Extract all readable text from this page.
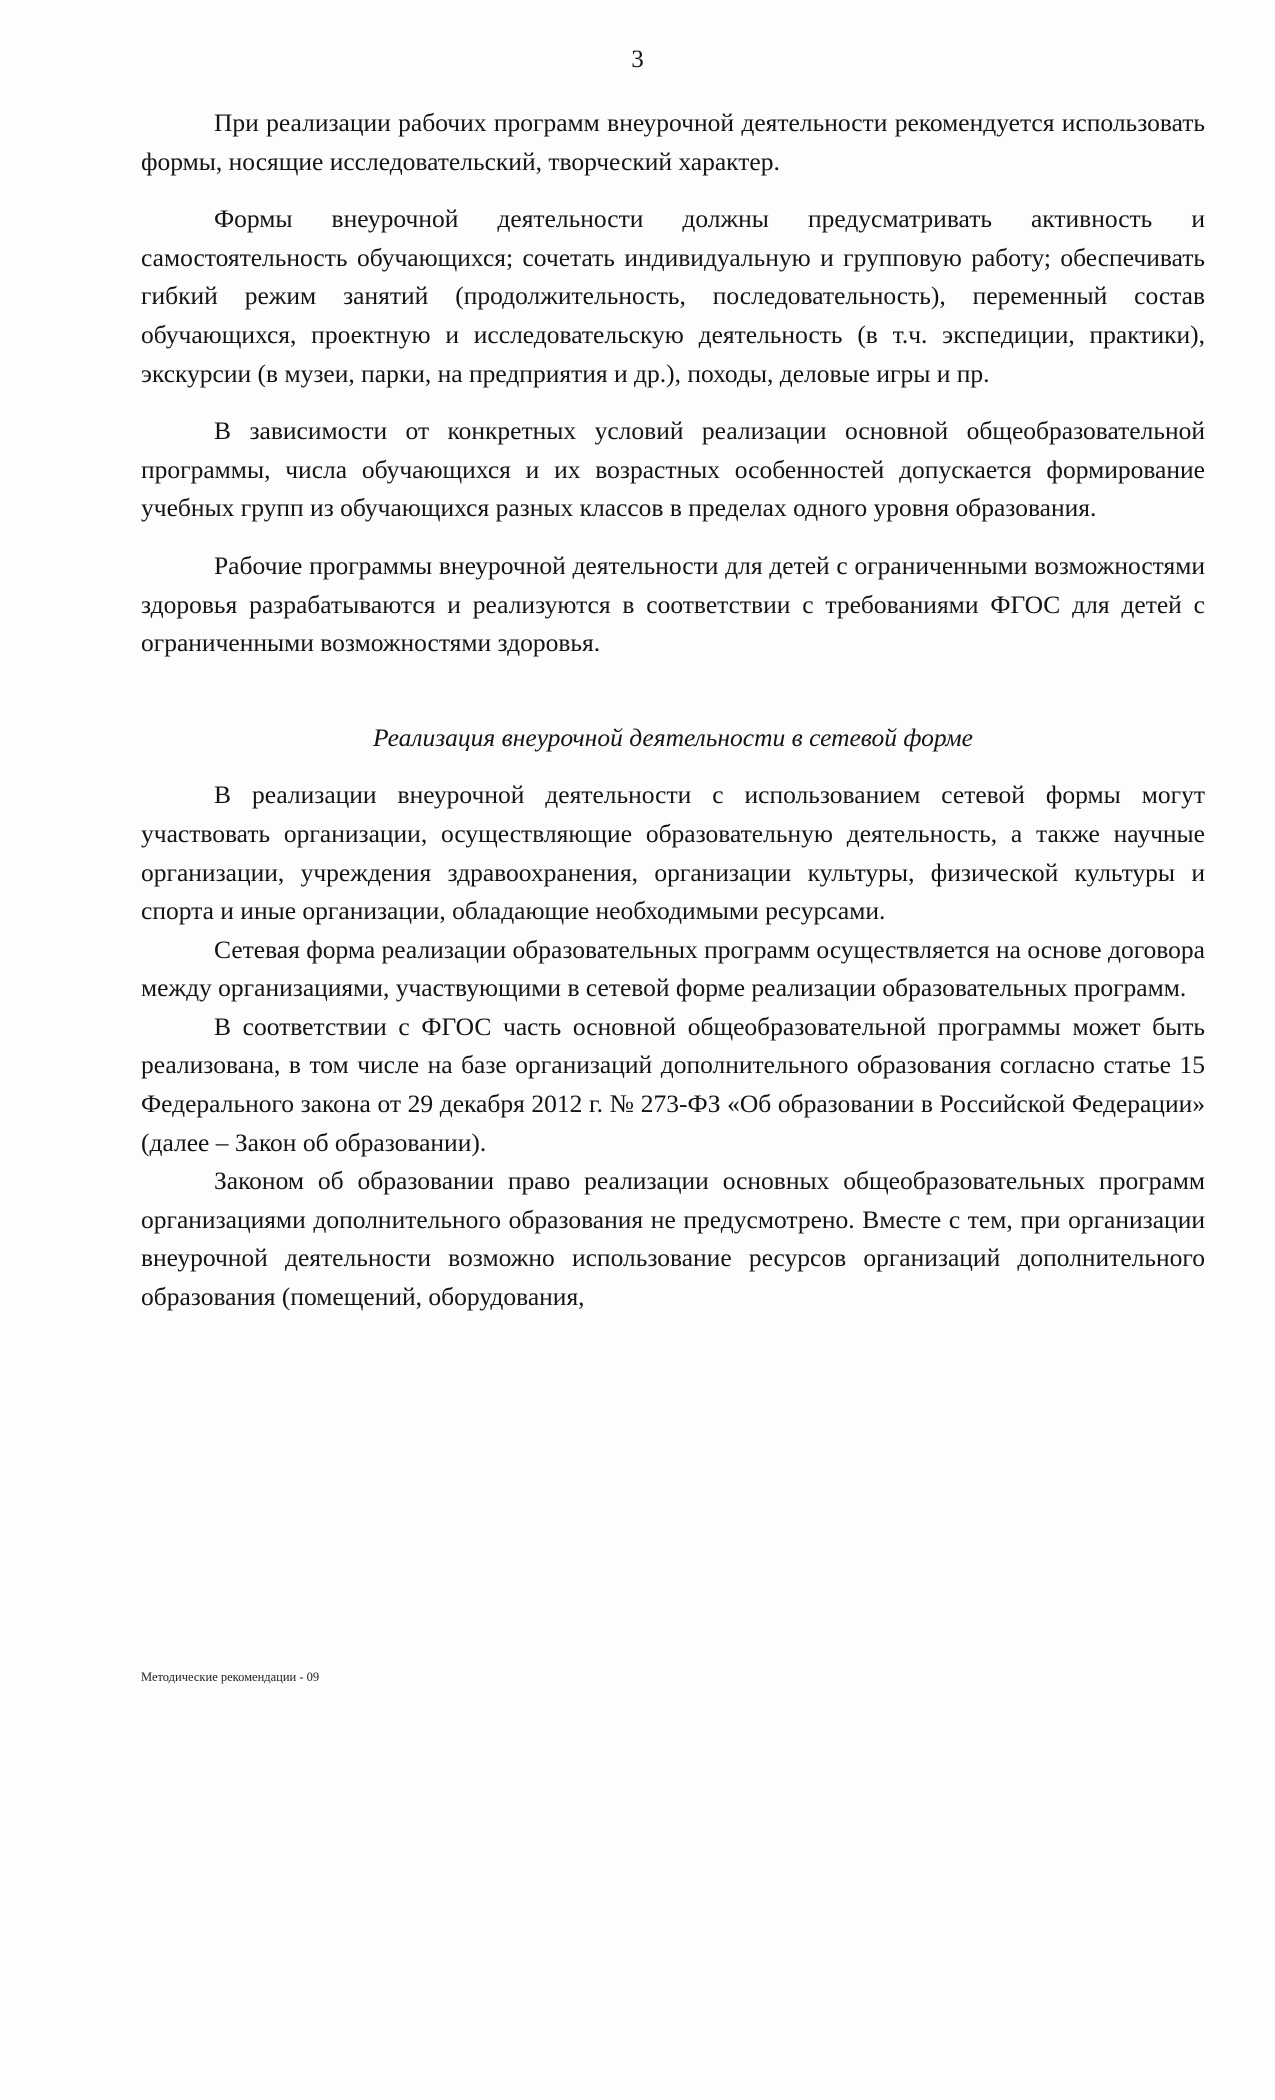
3

При реализации рабочих программ внеурочной деятельности рекомендуется использовать формы, носящие исследовательский, творческий характер.

Формы внеурочной деятельности должны предусматривать активность и самостоятельность обучающихся; сочетать индивидуальную и групповую работу; обеспечивать гибкий режим занятий (продолжительность, последовательность), переменный состав обучающихся, проектную и исследовательскую деятельность (в т.ч. экспедиции, практики), экскурсии (в музеи, парки, на предприятия и др.), походы, деловые игры и пр.

В зависимости от конкретных условий реализации основной общеобразовательной программы, числа обучающихся и их возрастных особенностей допускается формирование учебных групп из обучающихся разных классов в пределах одного уровня образования.

Рабочие программы внеурочной деятельности для детей с ограниченными возможностями здоровья разрабатываются и реализуются в соответствии с требованиями ФГОС для детей с ограниченными возможностями здоровья.

Реализация внеурочной деятельности в сетевой форме

В реализации внеурочной деятельности с использованием сетевой формы могут участвовать организации, осуществляющие образовательную деятельность, а также научные организации, учреждения здравоохранения, организации культуры, физической культуры и спорта и иные организации, обладающие необходимыми ресурсами.

Сетевая форма реализации образовательных программ осуществляется на основе договора между организациями, участвующими в сетевой форме реализации образовательных программ.

В соответствии с ФГОС часть основной общеобразовательной программы может быть реализована, в том числе на базе организаций дополнительного образования согласно статье 15 Федерального закона от 29 декабря 2012 г. № 273-ФЗ «Об образовании в Российской Федерации» (далее – Закон об образовании).

Законом об образовании право реализации основных общеобразовательных программ организациями дополнительного образования не предусмотрено. Вместе с тем, при организации внеурочной деятельности возможно использование ресурсов организаций дополнительного образования (помещений, оборудования,

Методические рекомендации - 09
